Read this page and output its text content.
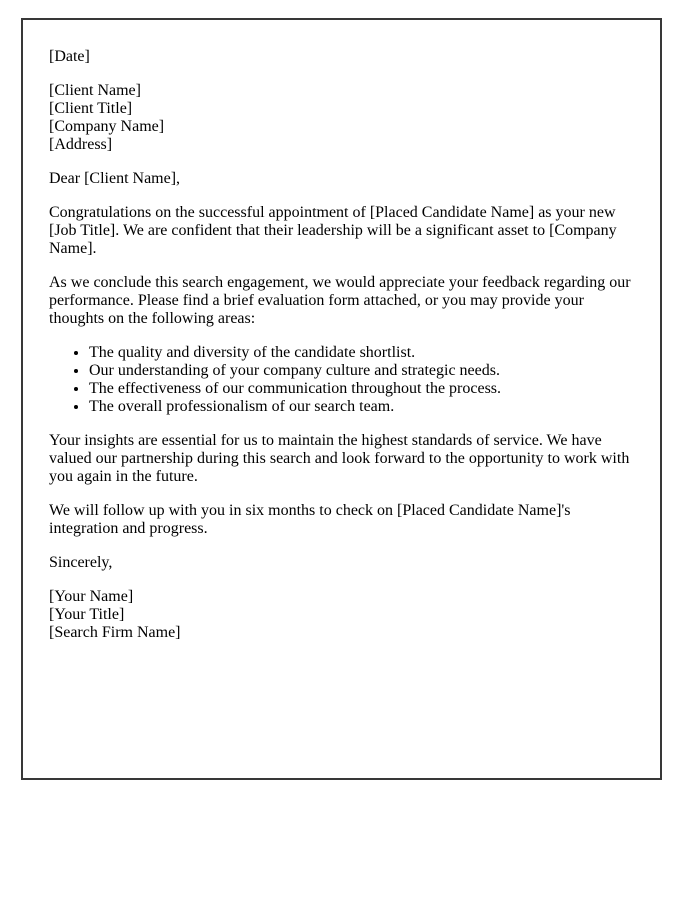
[Date]

[Client Name]
[Client Title]
[Company Name]
[Address]

Dear [Client Name],

Congratulations on the successful appointment of [Placed Candidate Name] as your new [Job Title]. We are confident that their leadership will be a significant asset to [Company Name].

As we conclude this search engagement, we would appreciate your feedback regarding our performance. Please find a brief evaluation form attached, or you may provide your thoughts on the following areas:

• The quality and diversity of the candidate shortlist.
• Our understanding of your company culture and strategic needs.
• The effectiveness of our communication throughout the process.
• The overall professionalism of our search team.

Your insights are essential for us to maintain the highest standards of service. We have valued our partnership during this search and look forward to the opportunity to work with you again in the future.

We will follow up with you in six months to check on [Placed Candidate Name]'s integration and progress.

Sincerely,

[Your Name]
[Your Title]
[Search Firm Name]
